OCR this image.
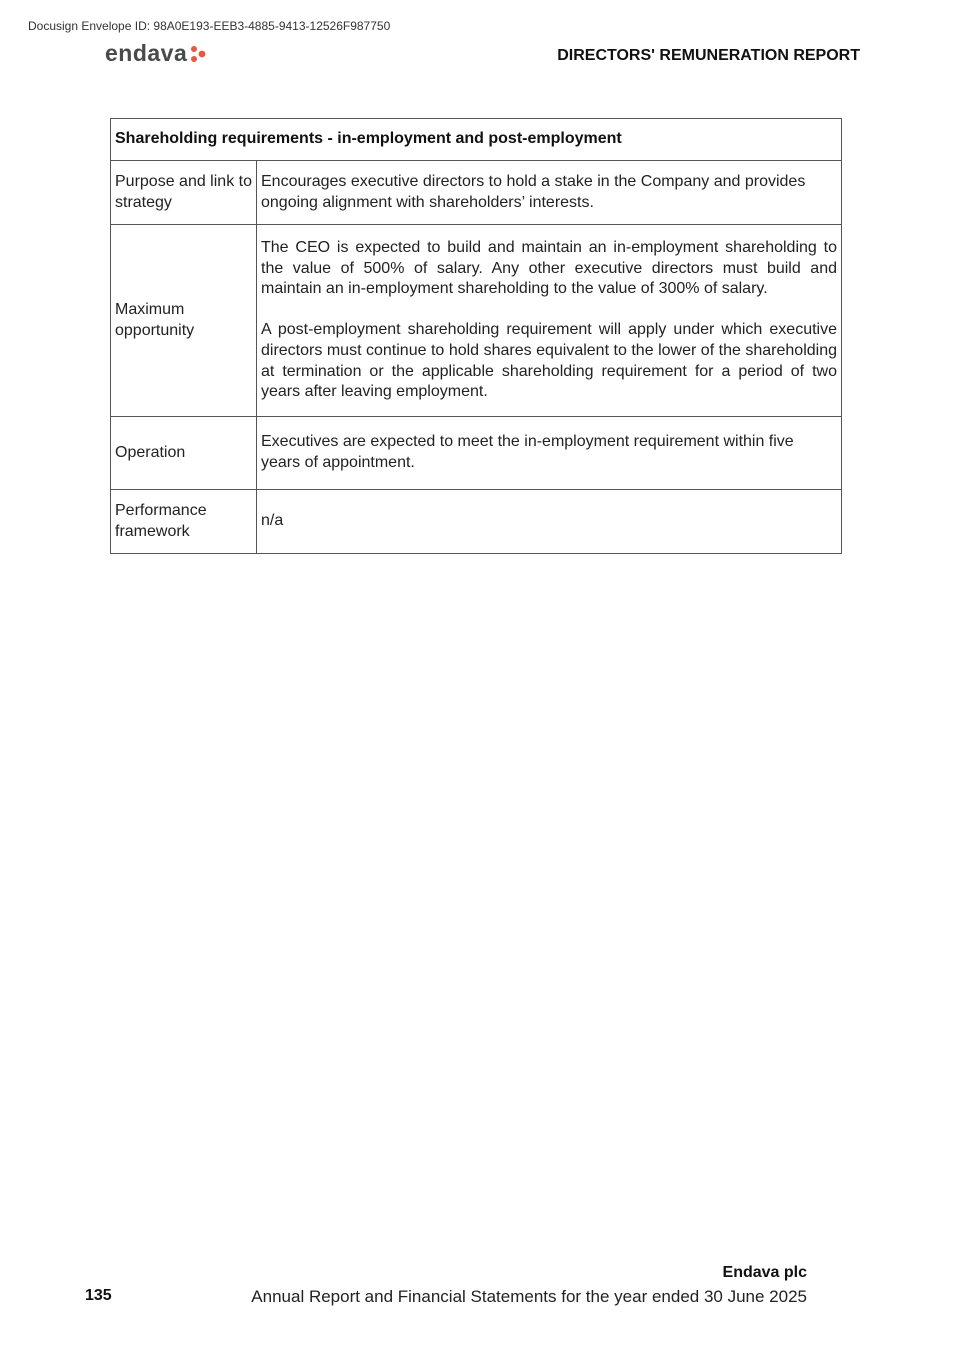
Docusign Envelope ID: 98A0E193-EEB3-4885-9413-12526F987750
endava	DIRECTORS' REMUNERATION REPORT
Shareholding requirements - in-employment and post-employment	
Purpose and link to strategy	Encourages executive directors to hold a stake in the Company and provides ongoing alignment with shareholders’ interests.

Maximum opportunity	The CEO is expected to build and maintain an in-employment shareholding to the value of 500% of salary. Any other executive directors must build and maintain an in-employment shareholding to the value of 300% of salary.

A post-employment shareholding requirement will apply under which executive directors must continue to hold shares equivalent to the lower of the shareholding at termination or the applicable shareholding requirement for a period of two years after leaving employment.

Operation	Executives are expected to meet the in-employment requirement within five years of appointment.

Performance framework	n/a

Endava plc
135	Annual Report and Financial Statements for the year ended 30 June 2025
